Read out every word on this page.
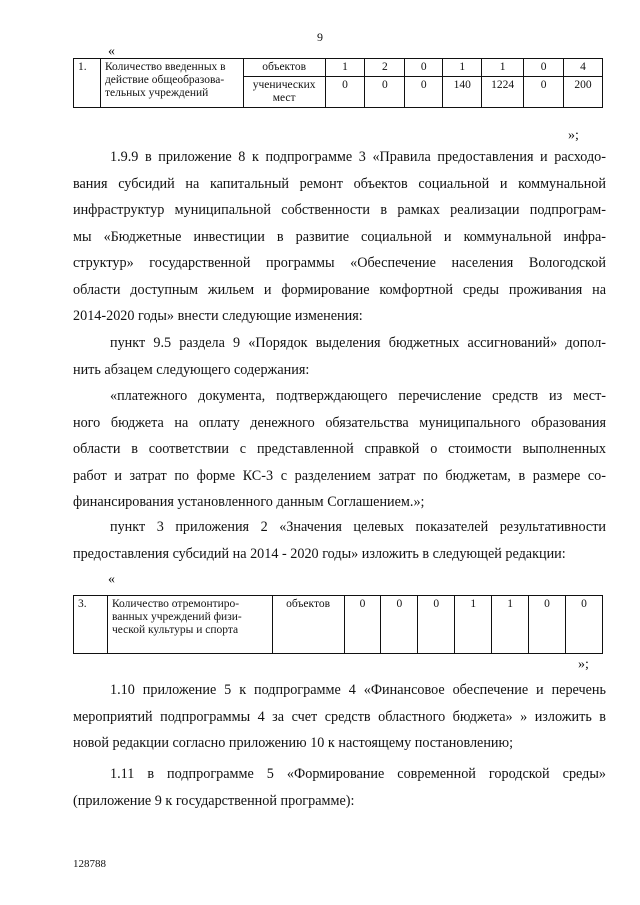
9
«
1.	Количество введенных в
действие общеобразова-
тельных учреждений	объектов	1	2	0	1	1	0	4

		ученических
мест	0	0	0	140	1224	0	200
»;
1.9.9 в приложение 8 к подпрограмме 3 «Правила предоставления и расходо-
вания субсидий на капитальный ремонт объектов социальной и коммунальной
инфраструктур муниципальной собственности в рамках реализации подпрограм-
мы «Бюджетные инвестиции в развитие социальной и коммунальной инфра-
структур» государственной программы «Обеспечение населения Вологодской
области доступным жильем и формирование комфортной среды проживания на
2014-2020 годы» внести следующие изменения:
пункт 9.5 раздела 9 «Порядок выделения бюджетных ассигнований» допол-
нить абзацем следующего содержания:
«платежного документа, подтверждающего перечисление средств из мест-
ного бюджета на оплату денежного обязательства муниципального образования
области в соответствии с представленной справкой о стоимости выполненных
работ и затрат по форме КС-3 с разделением затрат по бюджетам, в размере со-
финансирования установленного данным Соглашением.»;
пункт 3 приложения 2 «Значения целевых показателей результативности
предоставления субсидий на 2014 - 2020 годы» изложить в следующей редакции:
«
3.	Количество отремонтиро-
ванных учреждений физи-
ческой культуры и спорта
	объектов	0	0	0	1	1	0	0
»;
1.10 приложение 5 к подпрограмме 4 «Финансовое обеспечение и перечень
мероприятий подпрограммы 4 за счет средств областного бюджета» » изложить в
новой редакции согласно приложению 10 к настоящему постановлению;
1.11 в подпрограмме 5 «Формирование современной городской среды»
(приложение 9 к государственной программе):
128788
